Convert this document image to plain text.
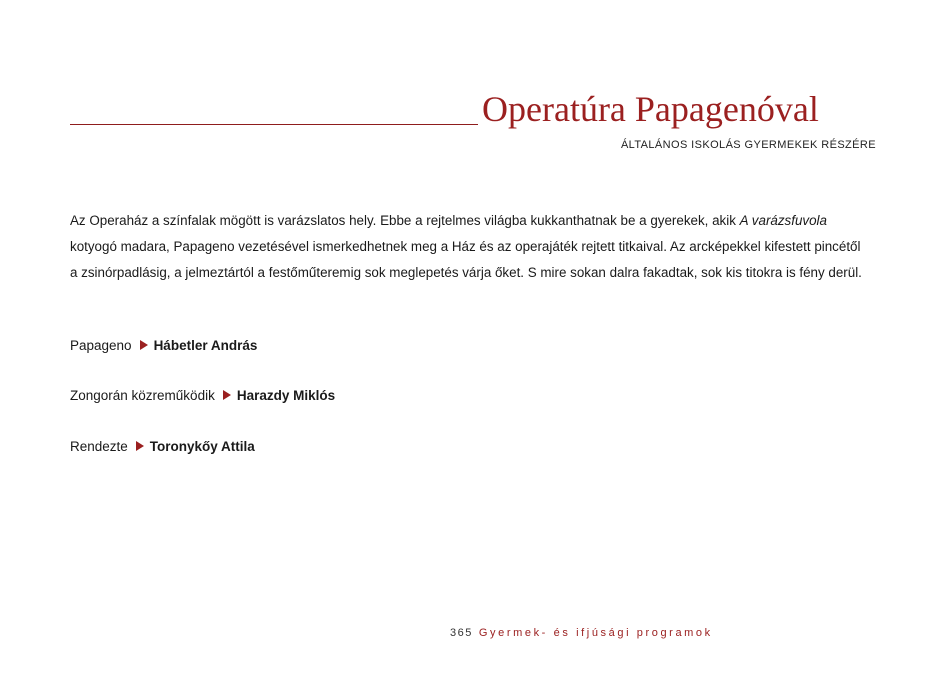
Operatúra Papagenóval
ÁLTALÁNOS ISKOLÁS GYERMEKEK RÉSZÉRE

Az Operaház a színfalak mögött is varázslatos hely. Ebbe a rejtelmes világba kukkanthatnak be a gyerekek, akik A varázsfuvola kotyogó madara, Papageno vezetésével ismerkedhetnek meg a Ház és az operajáték rejtett titkaival. Az arcképekkel kifestett pincétől a zsinórpadlásig, a jelmeztártól a festőműteremig sok meglepetés várja őket. S mire sokan dalra fakadtak, sok kis titokra is fény derül.

Papageno Hábetler András
Zongorán közreműködik Harazdy Miklós
Rendezte Toronykőy Attila
365 Gyermek- és ifjúsági programok
